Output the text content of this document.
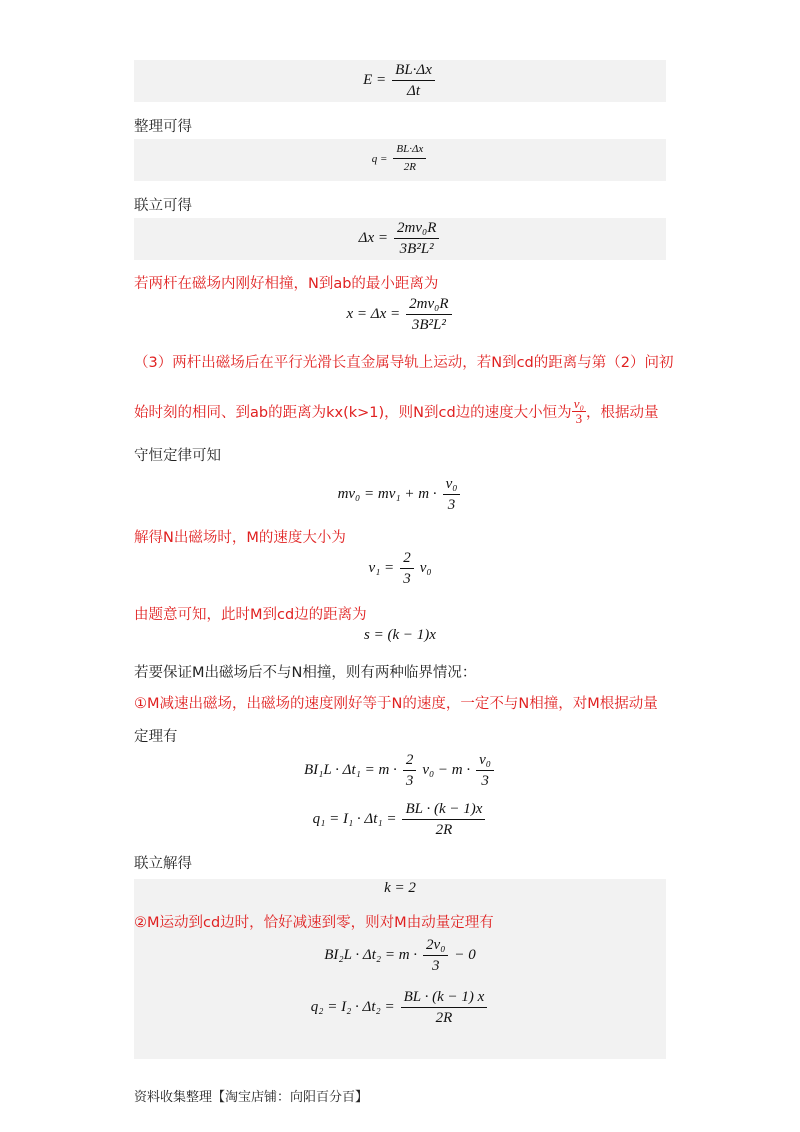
$E = \frac{BL\cdot\Delta x}{\Delta t}$
整理可得
$q = \frac{BL\cdot\Delta x}{2R}$
联立可得
$\Delta x = \frac{\text{2mv₀R}}{\text{3B²L²}}$
若两杆在磁场内刚好相撞，N到ab的最小距离为
$x = \Delta x = \frac{\text{2mv₀R}}{\text{3B²L²}}$
（3）两杆出磁场后在平行光滑长直金属导轨上运动，若N到cd的距离与第（2）问初
始时刻的相同、到ab的距离为kx(k>1)，则N到cd边的速度大小恒为 $\frac{\text{v₀}}{3}$ ，根据动量
守恒定律可知
$mv_0 = mv_1 + m \cdot \frac{\text{v₀}}{3}$
解得N出磁场时，M的速度大小为
$v_1 = \frac{2}{3} v_0$
由题意可知，此时M到cd边的距离为
s = (k − 1)x
若要保证M出磁场后不与N相撞，则有两种临界情况：
①M减速出磁场，出磁场的速度刚好等于N的速度，一定不与N相撞，对M根据动量
定理有
$BI_1L \cdot \Delta t_1 = m \cdot \frac{2}{3} v_0 - m \cdot \frac{\text{v₀}}{3}$
$q_1 = I_1 \cdot \Delta t_1 = \frac{BL \cdot (k - 1)x}{2R}$
联立解得
k = 2
②M运动到cd边时，恰好减速到零，则对M由动量定理有
$BI_2L \cdot \Delta t_2 = m \cdot \frac{\text{2v₀}}{3} - 0$
$q_2 = I_2 \cdot \Delta t_2 = \frac{BL \cdot (k - 1) x}{2R}$
资料收集整理【淘宝店铺：向阳百分百】
